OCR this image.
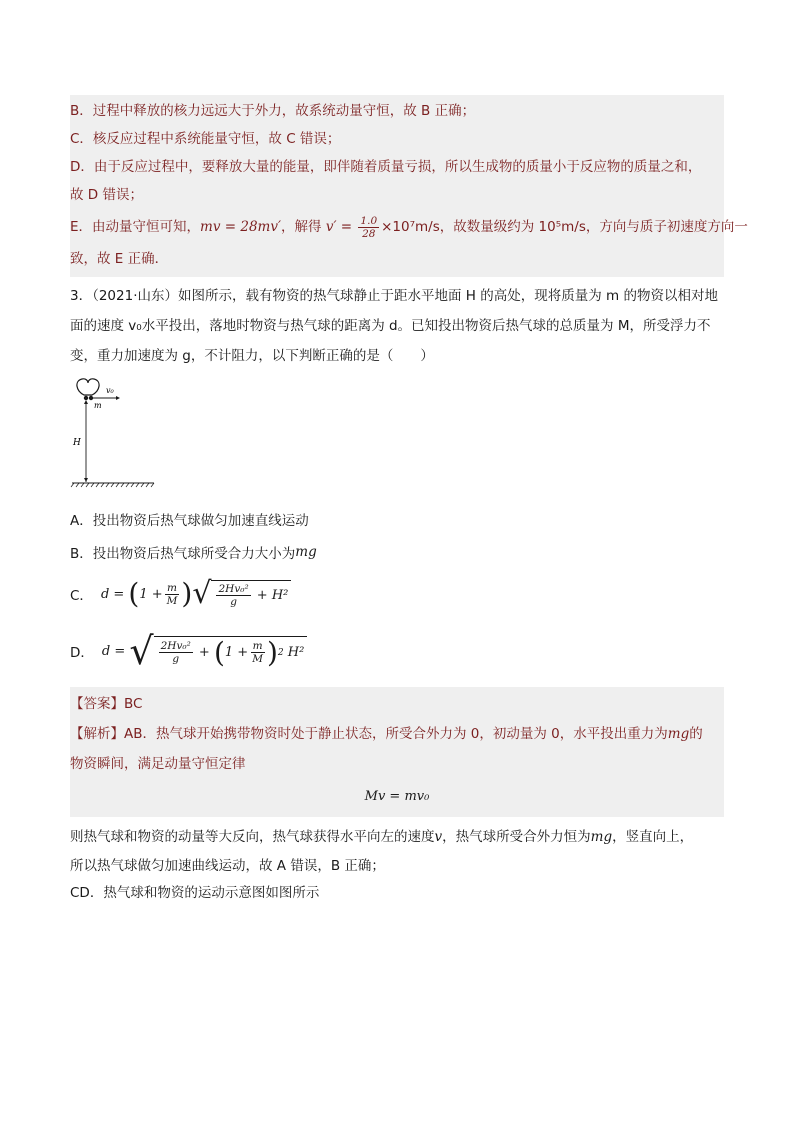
B．过程中释放的核力远远大于外力，故系统动量守恒，故 B 正确；
C．核反应过程中系统能量守恒，故 C 错误；
D．由于反应过程中，要释放大量的能量，即伴随着质量亏损，所以生成物的质量小于反应物的质量之和，
故 D 错误；
E．由动量守恒可知，mv = 28mv′，解得 $v' = \frac{1.0}{28} \times 10^7m/s$，故数量级约为 10⁵m/s，方向与质子初速度方向一
致，故 E 正确．
3．（2021·山东）如图所示，载有物资的热气球静止于距水平地面 H 的高处，现将质量为 m 的物资以相对地
面的速度 v₀水平投出，落地时物资与热气球的距离为 d。已知投出物资后热气球的总质量为 M，所受浮力不
变，重力加速度为 g，不计阻力，以下判断正确的是（　　）
v₀
m
H
A．投出物资后热气球做匀加速直线运动
B．投出物资后热气球所受合力大小为 mg
C． d = ( $1 + \frac{m}{M}$ ) √ $\frac{\text{2Hv₀²}}{g} + H^2$
D． d = √ $\frac{\text{2Hv₀²}}{g}$ + ( $1 + \frac{m}{M}$ ) 2 H²
【答案】BC
【解析】AB．热气球开始携带物资时处于静止状态，所受合外力为 0，初动量为 0，水平投出重力为mg的
物资瞬间，满足动量守恒定律
Mv = mv₀
则热气球和物资的动量等大反向，热气球获得水平向左的速度v，热气球所受合外力恒为mg，竖直向上，
所以热气球做匀加速曲线运动，故 A 错误，B 正确；
CD．热气球和物资的运动示意图如图所示
